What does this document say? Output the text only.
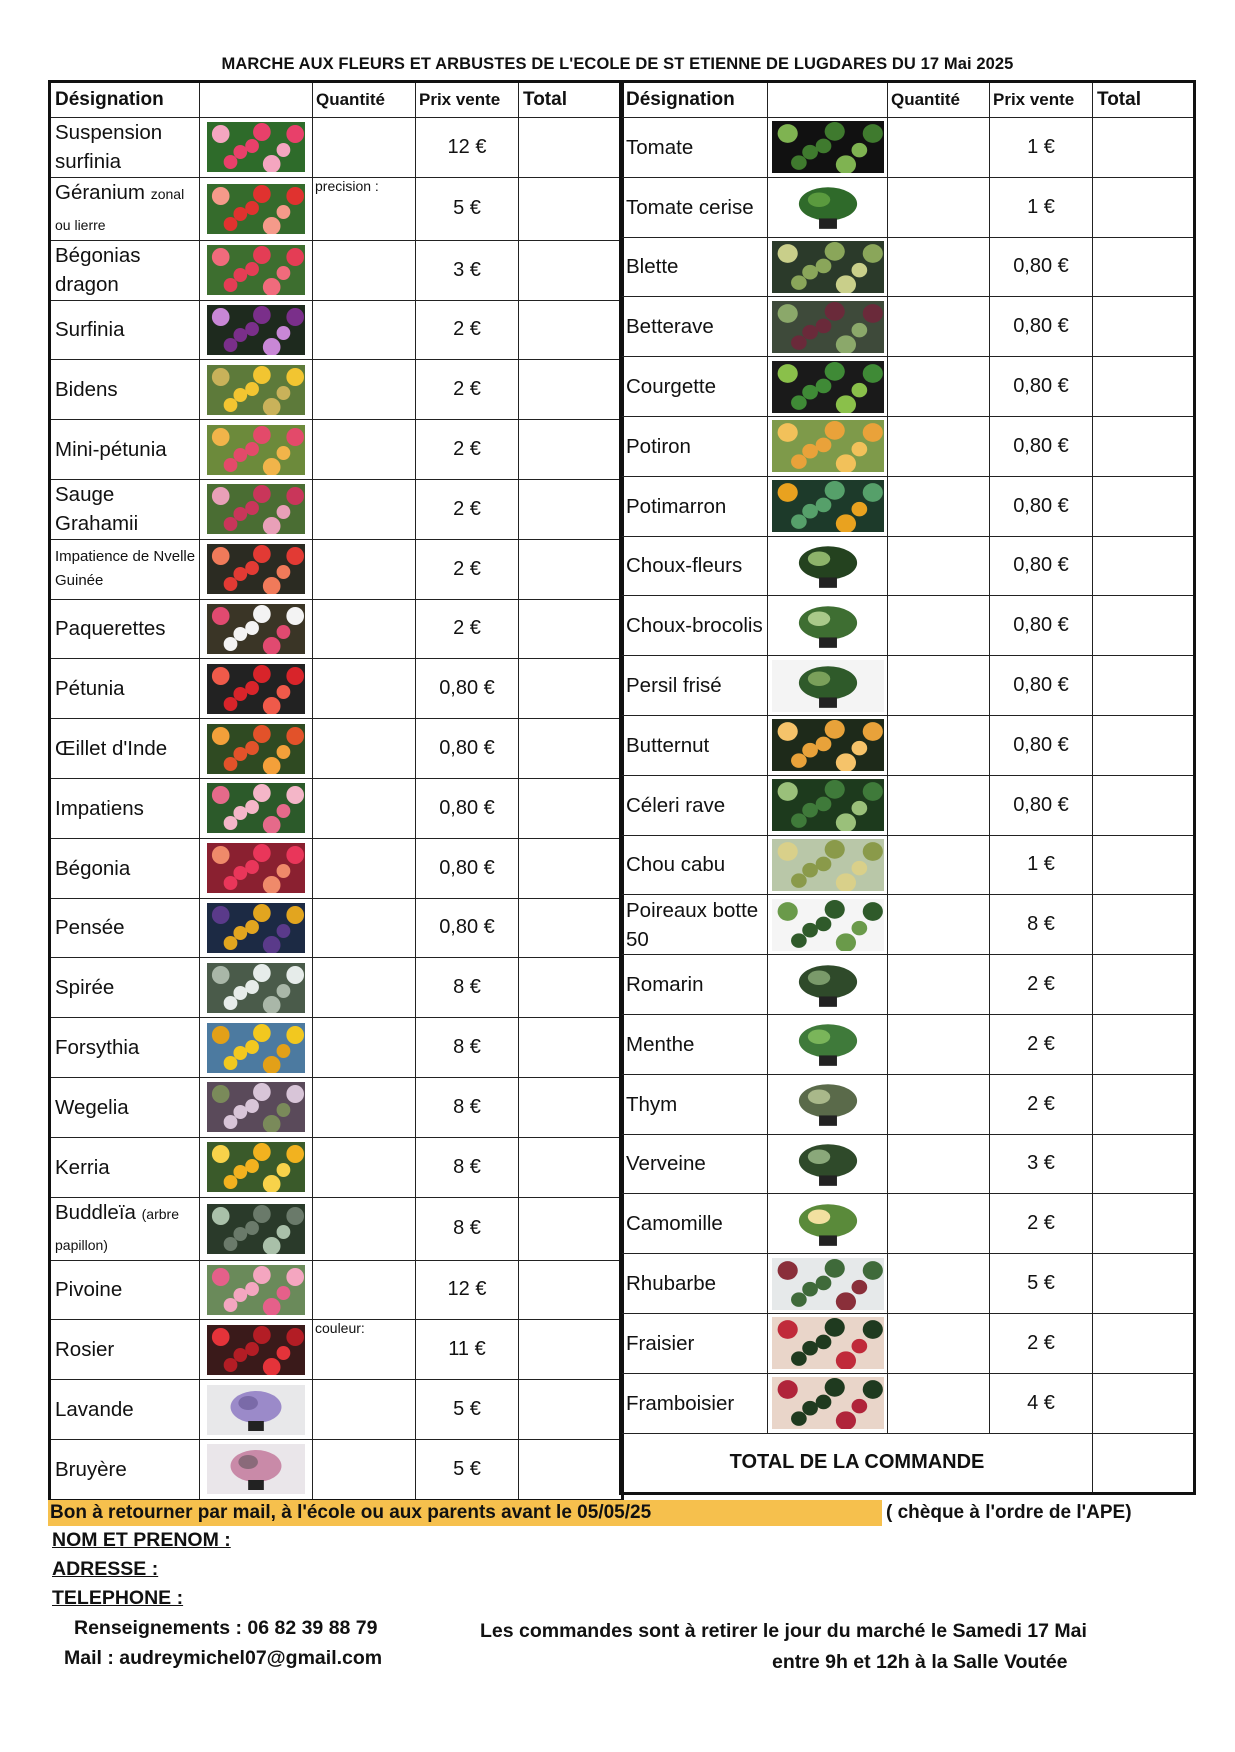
MARCHE AUX FLEURS ET ARBUSTES DE L'ECOLE DE ST ETIENNE DE LUGDARES DU 17 Mai 2025
Désignation		Quantité	Prix vente	Total
Suspension surfinia			12 €	
Géranium zonal ou lierre		precision :	5 €	
Bégonias dragon			3 €	
Surfinia			2 €	
Bidens			2 €	
Mini-pétunia			2 €	
Sauge Grahamii			2 €	
Impatience de Nvelle Guinée			2 €	
Paquerettes			2 €	
Pétunia			0,80 €	
Œillet d'Inde			0,80 €	
Impatiens			0,80 €	
Bégonia			0,80 €	
Pensée			0,80 €	
Spirée			8 €	
Forsythia			8 €	
Wegelia			8 €	
Kerria			8 €	
Buddleïa (arbre papillon)			8 €	
Pivoine			12 €	
Rosier		couleur:	11 €	
Lavande			5 €	
Bruyère			5 €	
Désignation		Quantité	Prix vente	Total
Tomate			1 €	
Tomate cerise			1 €	
Blette			0,80 €	
Betterave			0,80 €	
Courgette			0,80 €	
Potiron			0,80 €	
Potimarron			0,80 €	
Choux-fleurs			0,80 €	
Choux-brocolis			0,80 €	
Persil frisé			0,80 €	
Butternut			0,80 €	
Céleri rave			0,80 €	
Chou cabu			1 €	
Poireaux botte 50			8 €	
Romarin			2 €	
Menthe			2 €	
Thym			2 €	
Verveine			3 €	
Camomille			2 €	
Rhubarbe			5 €	
Fraisier			2 €	
Framboisier			4 €	
TOTAL DE LA COMMANDE				
Bon à retourner par mail, à l'école ou aux parents avant le 05/05/25	( chèque à l'ordre de l'APE)
NOM ET PRENOM :
ADRESSE :
TELEPHONE :
Renseignements : 06 82 39 88 79
Mail : audreymichel07@gmail.com
Les commandes sont à retirer le jour du marché le Samedi 17 Mai
entre 9h et 12h à la Salle Voutée
